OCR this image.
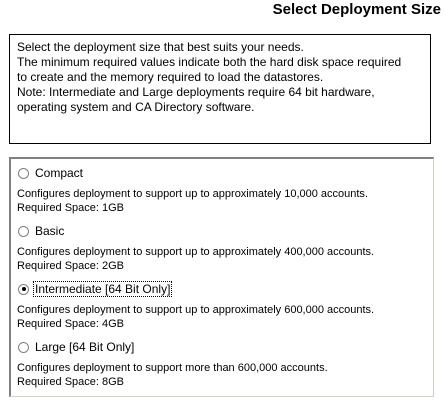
Select Deployment Size
Select the deployment size that best suits your needs.
The minimum required values indicate both the hard disk space required
to create and the memory required to load the datastores.
Note: Intermediate and Large deployments require 64 bit hardware,
operating system and CA Directory software.
Compact
Configures deployment to support up to approximately 10,000 accounts.
Required Space: 1GB
Basic
Configures deployment to support up to approximately 400,000 accounts.
Required Space: 2GB
Intermediate [64 Bit Only]
Configures deployment to support up to approximately 600,000 accounts.
Required Space: 4GB
Large [64 Bit Only]
Configures deployment to support more than 600,000 accounts.
Required Space: 8GB
